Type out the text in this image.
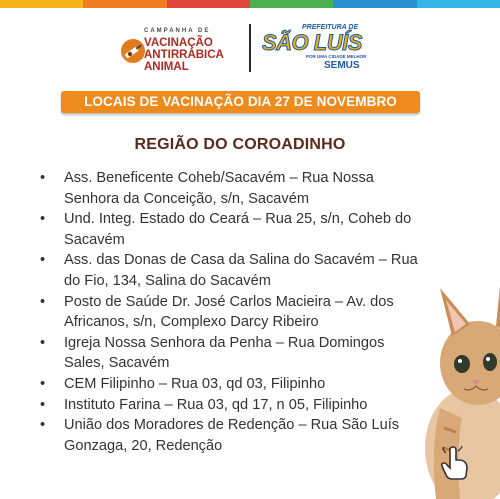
CAMPANHA DE
VACINAÇÃO
ANTIRRÁBICA
ANIMAL
PREFEITURA DE
SÃO LUÍS
POR UMA CIDADE MELHOR
SEMUS
LOCAIS DE VACINAÇÃO DIA 27 DE NOVEMBRO
REGIÃO DO COROADINHO
•	Ass. Beneficente Coheb/Sacavém – Rua Nossa
Senhora da Conceição, s/n, Sacavém
•	Und. Integ. Estado do Ceará – Rua 25, s/n, Coheb do
Sacavém
•	Ass. das Donas de Casa da Salina do Sacavém – Rua
do Fio, 134, Salina do Sacavém
•	Posto de Saúde Dr. José Carlos Macieira – Av. dos
Africanos, s/n, Complexo Darcy Ribeiro
•	Igreja Nossa Senhora da Penha – Rua Domingos
Sales, Sacavém
•	CEM Filipinho – Rua 03, qd 03, Filipinho
•	Instituto Farina – Rua 03, qd 17, n 05, Filipinho
•	União dos Moradores de Redenção – Rua São Luís
Gonzaga, 20, Redenção
